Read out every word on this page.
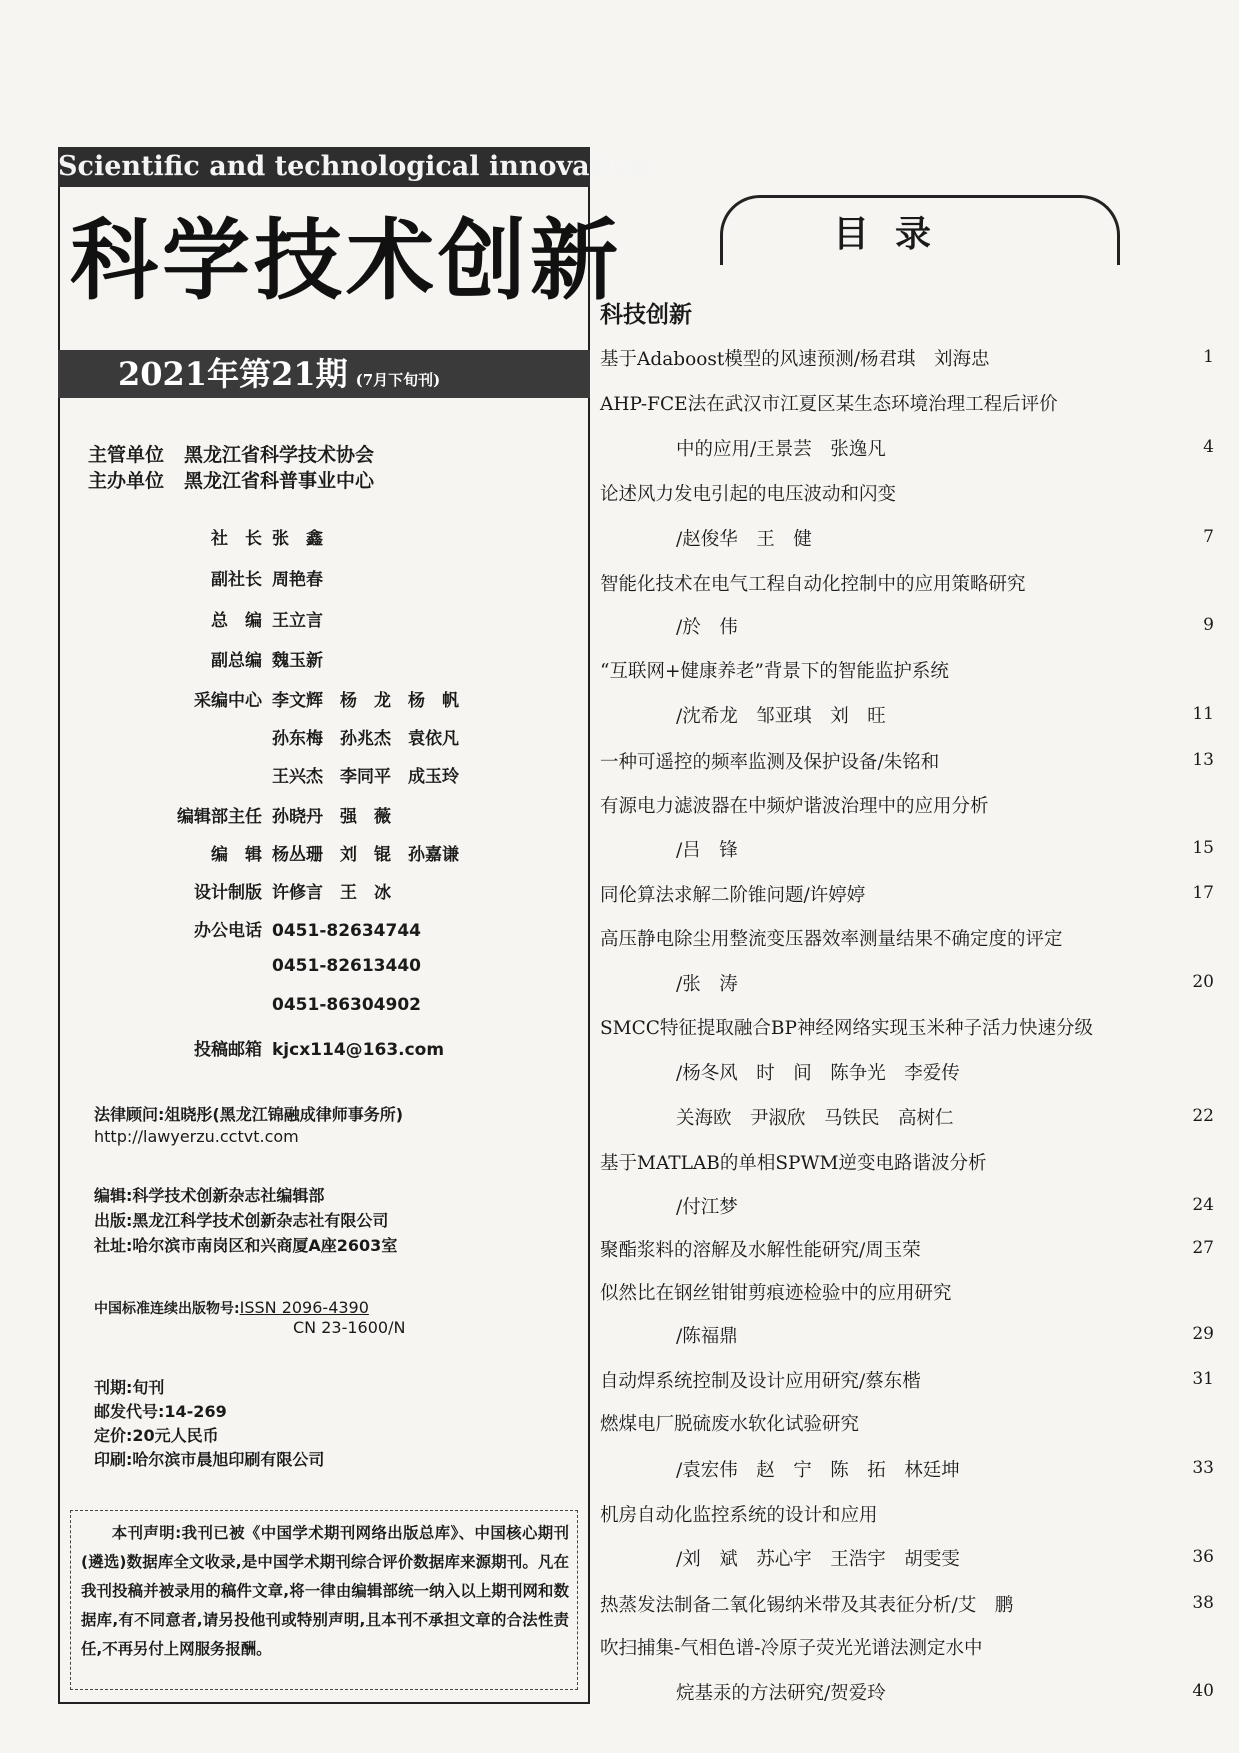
Scientific and technological innovation
科学技术创新
2021年第21期 (7月下旬刊)
主管单位 黑龙江省科学技术协会
主办单位 黑龙江省科普事业中心
社　长 张　鑫
副社长 周艳春
总　编 王立言
副总编 魏玉新
采编中心 李文辉　杨　龙　杨　帆
孙东梅　孙兆杰　袁依凡
王兴杰　李同平　成玉玲
编辑部主任 孙晓丹　强　薇
编　辑 杨丛珊　刘　锟　孙嘉谦
设计制版 许修言　王　冰
办公电话 0451-82634744
0451-82613440
0451-86304902
投稿邮箱 kjcx114@163.com
法律顾问:俎晓彤(黑龙江锦融成律师事务所)
http://lawyerzu.cctvt.com
编辑:科学技术创新杂志社编辑部
出版:黑龙江科学技术创新杂志社有限公司
社址:哈尔滨市南岗区和兴商厦A座2603室
中国标准连续出版物号:ISSN 2096-4390
CN 23-1600/N
刊期:旬刊
邮发代号:14-269
定价:20元人民币
印刷:哈尔滨市晨旭印刷有限公司
本刊声明:我刊已被《中国学术期刊网络出版总库》、中国核心期刊(遴选)数据库全文收录,是中国学术期刊综合评价数据库来源期刊。凡在我刊投稿并被录用的稿件文章,将一律由编辑部统一纳入以上期刊网和数据库,有不同意者,请另投他刊或特别声明,且本刊不承担文章的合法性责任,不再另付上网服务报酬。
目录
科技创新
基于Adaboost模型的风速预测/杨君琪　刘海忠	1
AHP-FCE法在武汉市江夏区某生态环境治理工程后评价
中的应用/王景芸　张逸凡	4
论述风力发电引起的电压波动和闪变
/赵俊华　王　健	7
智能化技术在电气工程自动化控制中的应用策略研究
/於　伟	9
“互联网+健康养老”背景下的智能监护系统
/沈希龙　邹亚琪　刘　旺	11
一种可遥控的频率监测及保护设备/朱铭和	13
有源电力滤波器在中频炉谐波治理中的应用分析
/吕　锋	15
同伦算法求解二阶锥问题/许婷婷	17
高压静电除尘用整流变压器效率测量结果不确定度的评定
/张　涛	20
SMCC特征提取融合BP神经网络实现玉米种子活力快速分级
/杨冬风　时　间　陈争光　李爱传
关海欧　尹淑欣　马铁民　高树仁	22
基于MATLAB的单相SPWM逆变电路谐波分析
/付江梦	24
聚酯浆料的溶解及水解性能研究/周玉荣	27
似然比在钢丝钳钳剪痕迹检验中的应用研究
/陈福鼎	29
自动焊系统控制及设计应用研究/蔡东楷	31
燃煤电厂脱硫废水软化试验研究
/袁宏伟　赵　宁　陈　拓　林廷坤	33
机房自动化监控系统的设计和应用
/刘　斌　苏心宇　王浩宇　胡雯雯	36
热蒸发法制备二氧化锡纳米带及其表征分析/艾　鹏	38
吹扫捕集-气相色谱-冷原子荧光光谱法测定水中
烷基汞的方法研究/贺爱玲	40
